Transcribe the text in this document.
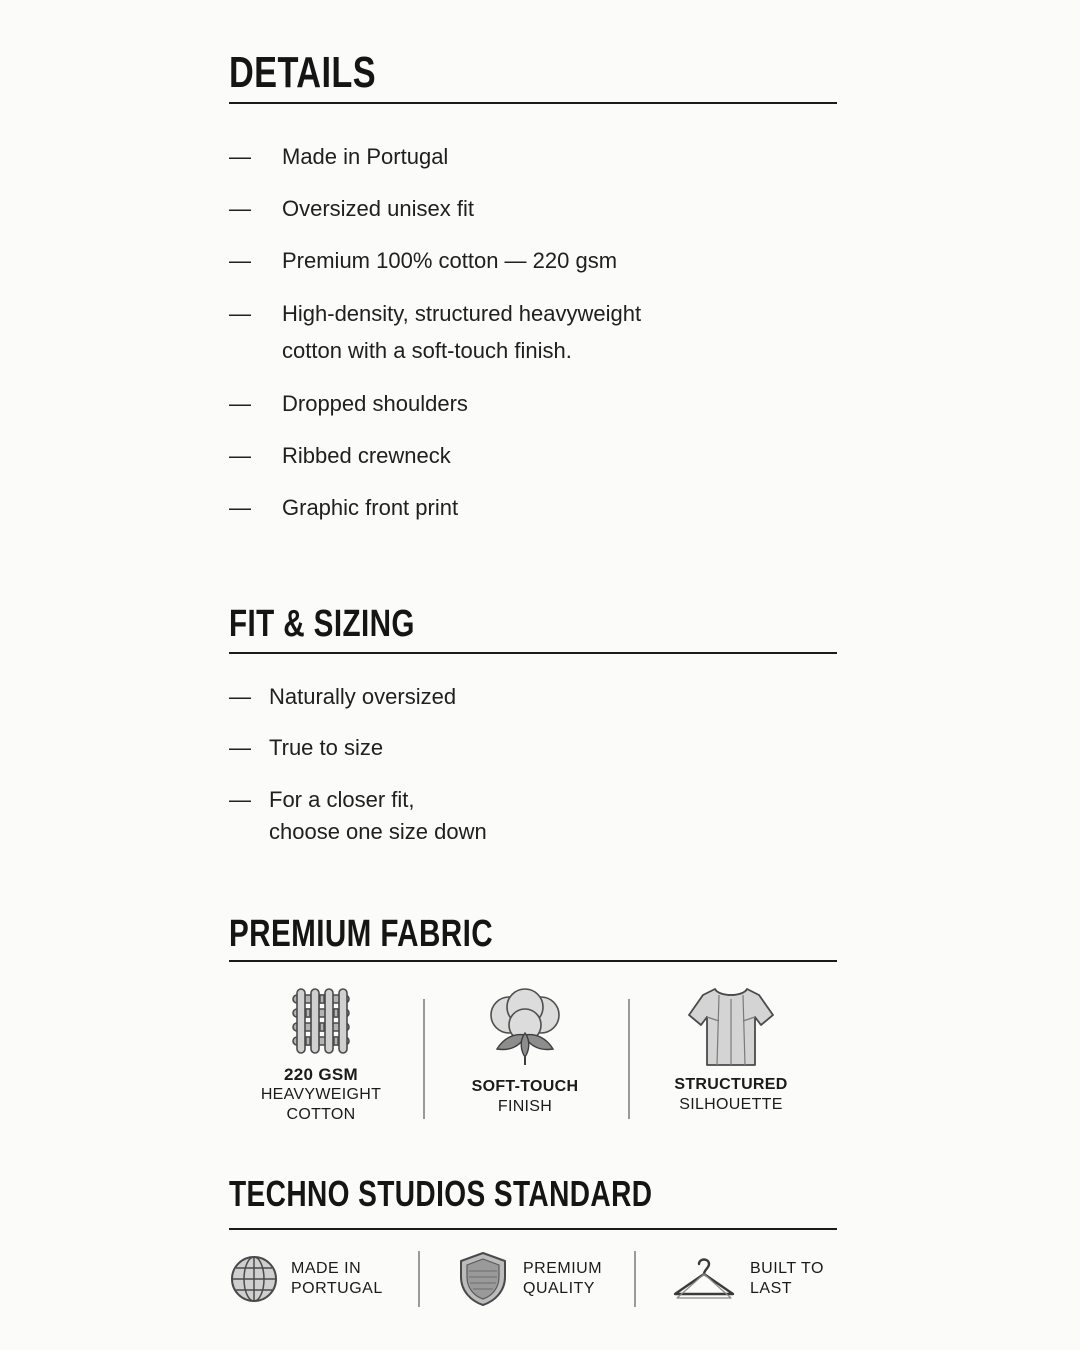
DETAILS
— Made in Portugal
— Oversized unisex fit
— Premium 100% cotton — 220 gsm
— High-density, structured heavyweight
cotton with a soft-touch finish.
— Dropped shoulders
— Ribbed crewneck
— Graphic front print
FIT & SIZING
— Naturally oversized
— True to size
— For a closer fit,
choose one size down
PREMIUM FABRIC
220 GSM
HEAVYWEIGHT
COTTON
SOFT-TOUCH
FINISH
STRUCTURED
SILHOUETTE
TECHNO STUDIOS STANDARD
MADE IN
PORTUGAL
PREMIUM
QUALITY
BUILT TO
LAST
